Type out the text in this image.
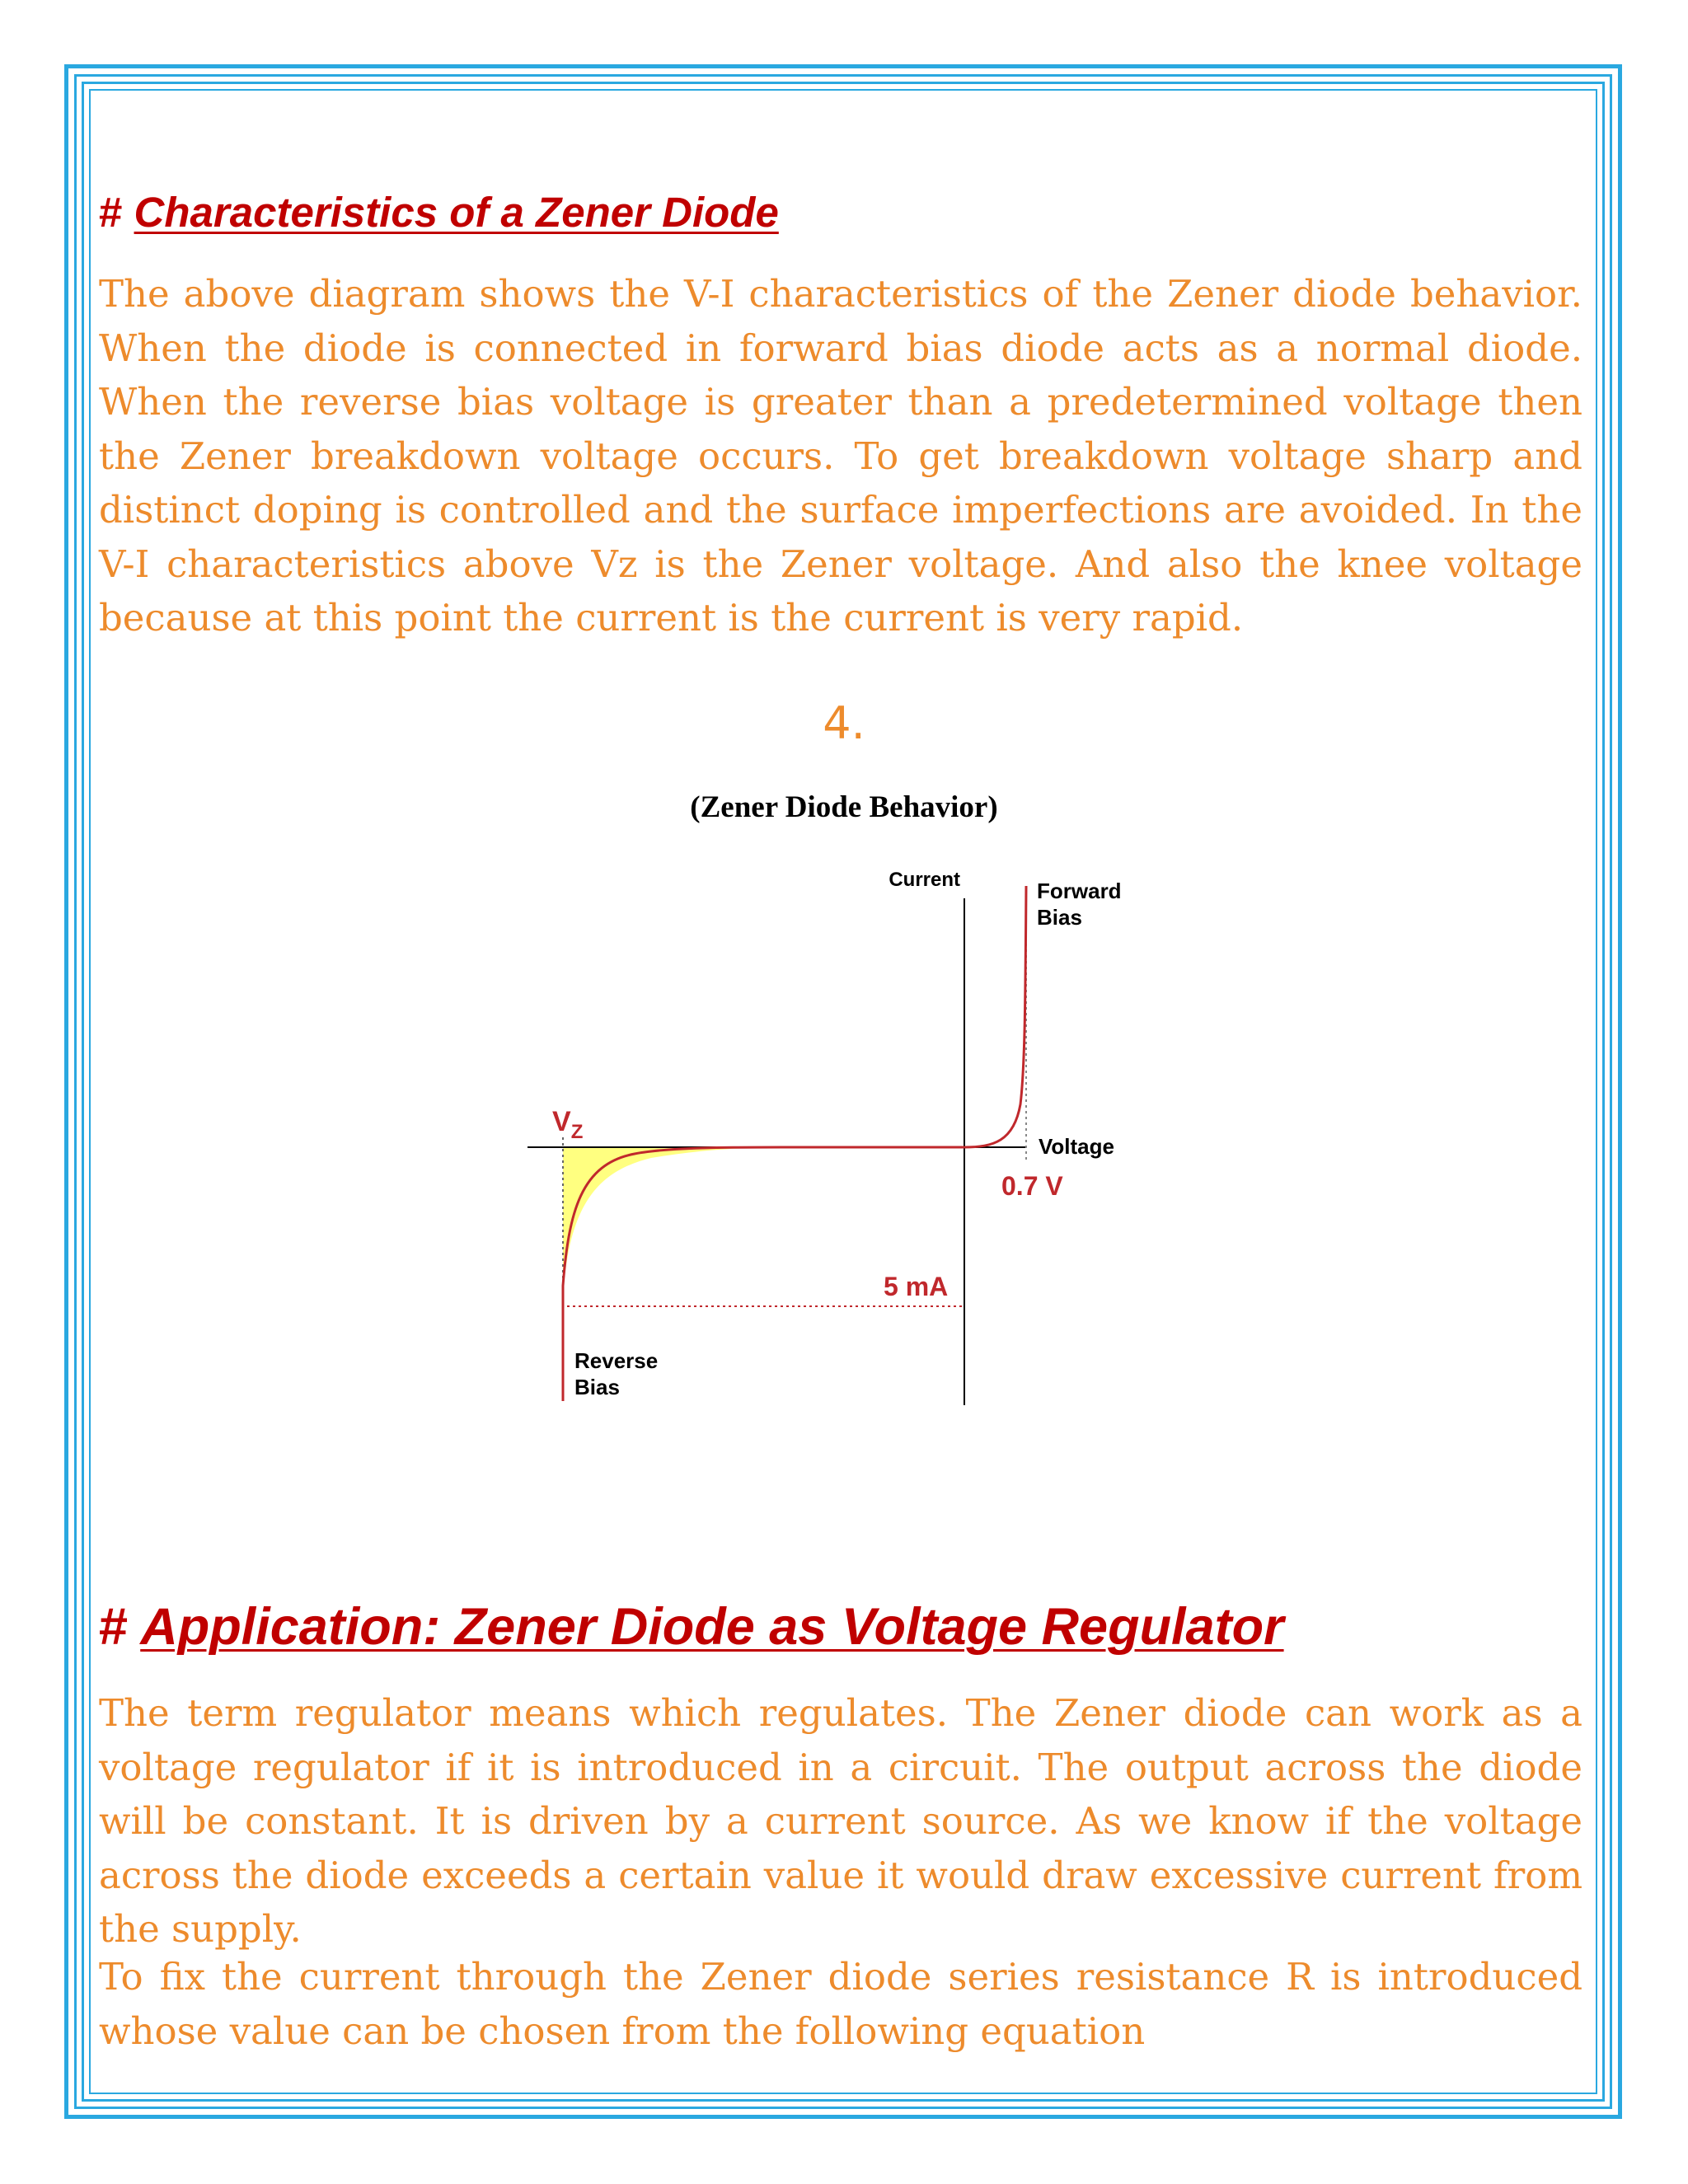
# Characteristics of a Zener Diode

The above diagram shows the V-I characteristics of the Zener diode behavior. When the diode is connected in forward bias diode acts as a normal diode. When the reverse bias voltage is greater than a predetermined voltage then the Zener breakdown voltage occurs. To get breakdown voltage sharp and distinct doping is controlled and the surface imperfections are avoided. In the V-I characteristics above Vz is the Zener voltage. And also the knee voltage because at this point the current is the current is very rapid.

4.

(Zener Diode Behavior)

Current	Forward
Bias
Voltage
0.7 V
5 mA
Reverse
Bias
$V_Z$
# Application: Zener Diode as Voltage Regulator

The term regulator means which regulates. The Zener diode can work as a voltage regulator if it is introduced in a circuit. The output across the diode will be constant. It is driven by a current source. As we know if the voltage across the diode exceeds a certain value it would draw excessive current from the supply.

To fix the current through the Zener diode series resistance R is introduced whose value can be chosen from the following equation
